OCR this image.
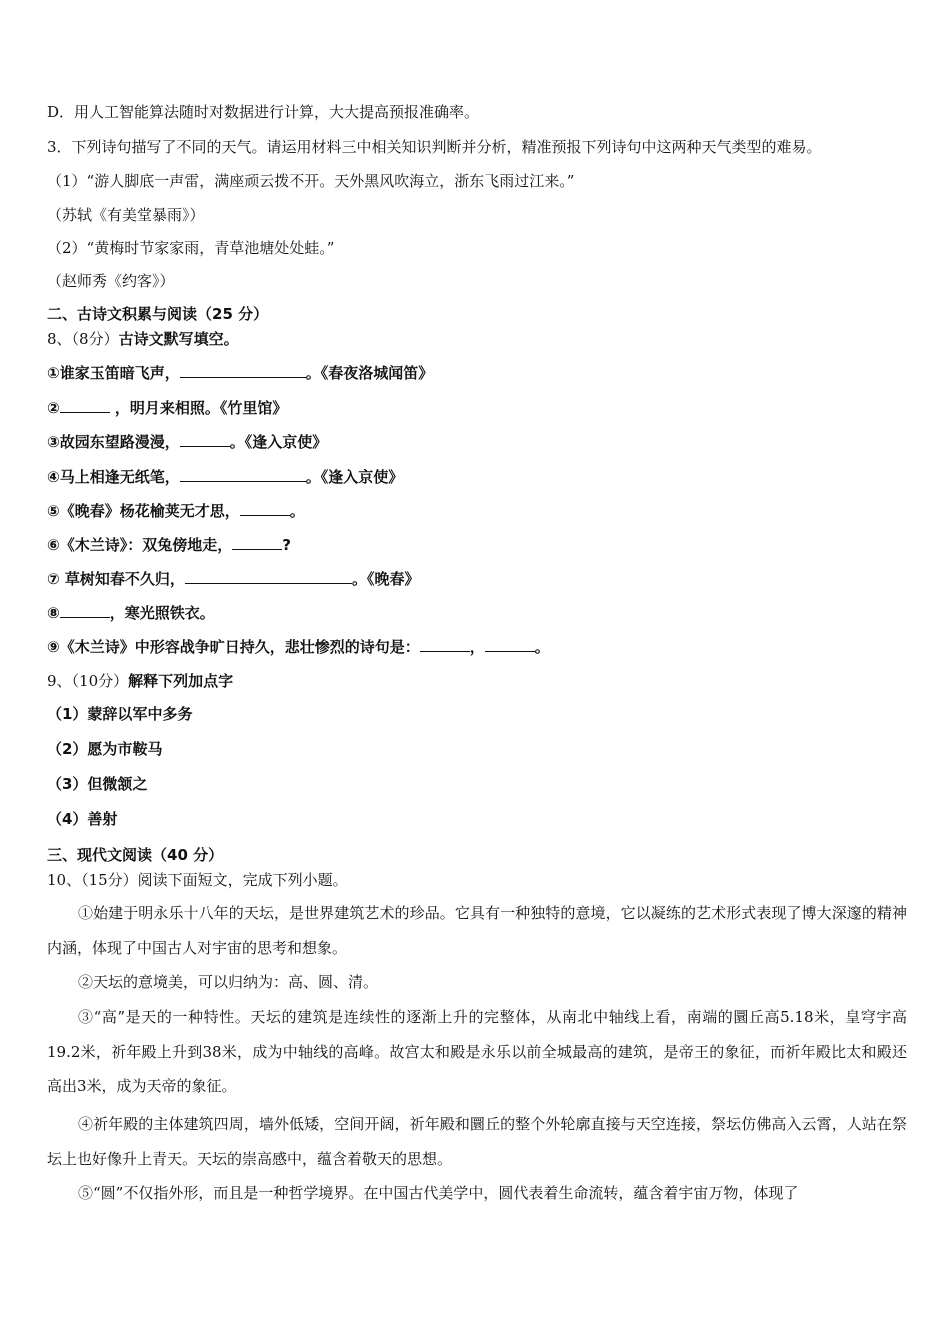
D．用人工智能算法随时对数据进行计算，大大提高预报准确率。
3．下列诗句描写了不同的天气。请运用材料三中相关知识判断并分析，精准预报下列诗句中这两种天气类型的难易。
（1）“游人脚底一声雷，满座顽云拨不开。天外黑风吹海立，浙东飞雨过江来。”
（苏轼《有美堂暴雨》）
（2）“黄梅时节家家雨，青草池塘处处蛙。”
（赵师秀《约客》）
二、古诗文积累与阅读（25 分）
8、（8分）古诗文默写填空。
①谁家玉笛暗飞声，	。《春夜洛城闻笛》
②	，明月来相照。《竹里馆》
③故园东望路漫漫，	。《逢入京使》
④马上相逢无纸笔，	。《逢入京使》
⑤《晚春》杨花榆荚无才思，	。
⑥《木兰诗》：双兔傍地走，	?
⑦ 草树知春不久归，	。《晚春》
⑧	，寒光照铁衣。
⑨《木兰诗》中形容战争旷日持久，悲壮惨烈的诗句是：	，	。
9、（10分）解释下列加点字
（1）蒙辞以军中多务
（2）愿为市鞍马
（3）但微颔之
（4）善射
三、现代文阅读（40 分）
10、（15分）阅读下面短文，完成下列小题。
①始建于明永乐十八年的天坛，是世界建筑艺术的珍品。它具有一种独特的意境，它以凝练的艺术形式表现了博大深邃的精神内涵，体现了中国古人对宇宙的思考和想象。
②天坛的意境美，可以归纳为：高、圆、清。
③“高”是天的一种特性。天坛的建筑是连续性的逐渐上升的完整体，从南北中轴线上看，南端的圜丘高5.18米，皇穹宇高19.2米，祈年殿上升到38米，成为中轴线的高峰。故宫太和殿是永乐以前全城最高的建筑，是帝王的象征，而祈年殿比太和殿还高出3米，成为天帝的象征。
④祈年殿的主体建筑四周，墙外低矮，空间开阔，祈年殿和圜丘的整个外轮廓直接与天空连接，祭坛仿佛高入云霄，人站在祭坛上也好像升上青天。天坛的崇高感中，蕴含着敬天的思想。
⑤“圆”不仅指外形，而且是一种哲学境界。在中国古代美学中，圆代表着生命流转，蕴含着宇宙万物，体现了
